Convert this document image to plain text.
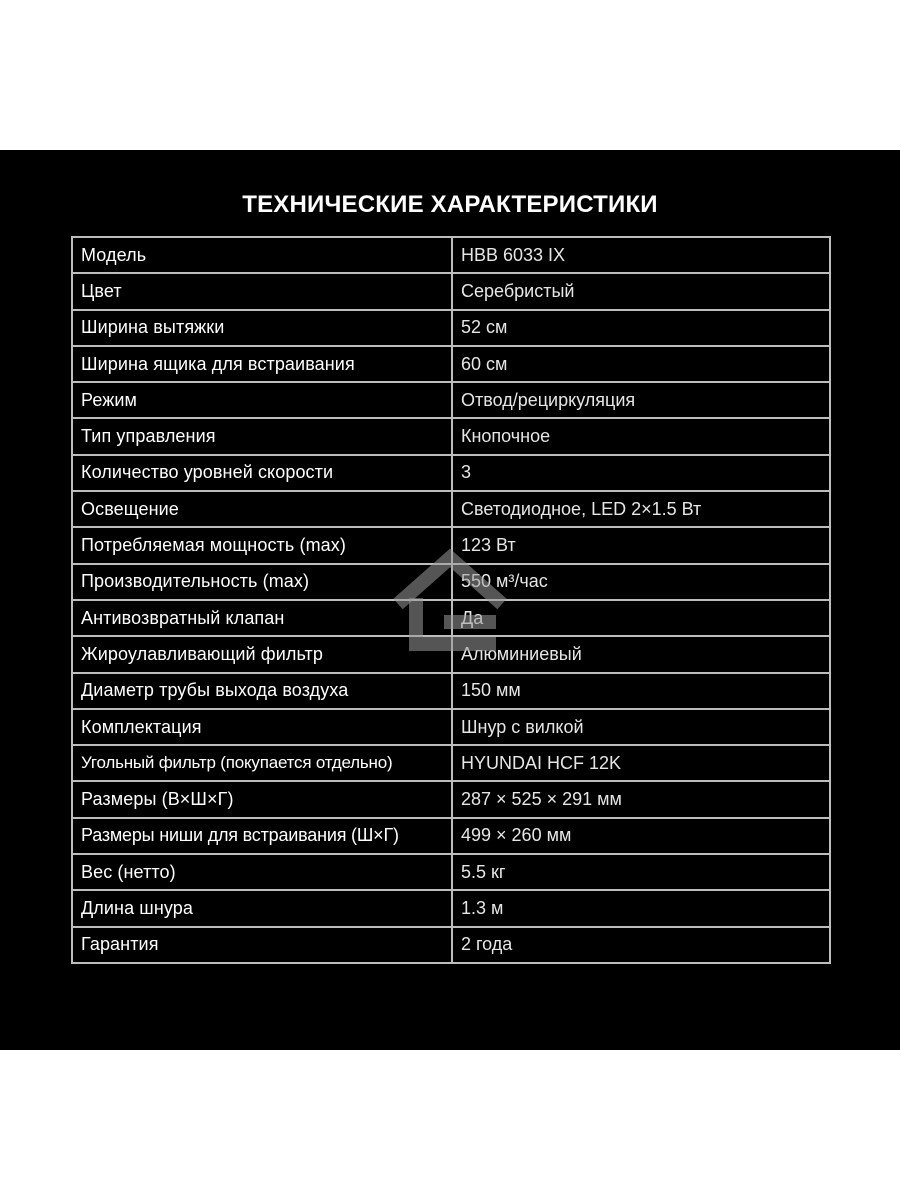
ТЕХНИЧЕСКИЕ ХАРАКТЕРИСТИКИ
Модель	HBB 6033 IX
Цвет	Серебристый
Ширина вытяжки	52 см
Ширина ящика для встраивания	60 см
Режим	Отвод/рециркуляция
Тип управления	Кнопочное
Количество уровней скорости	3
Освещение	Светодиодное, LED 2×1.5 Вт
Потребляемая мощность (max)	123 Вт
Производительность (max)	550 м³/час
Антивозвратный клапан	Да
Жироулавливающий фильтр	Алюминиевый
Диаметр трубы выхода воздуха	150 мм
Комплектация	Шнур с вилкой
Угольный фильтр (покупается отдельно)	HYUNDAI HCF 12K
Размеры (В×Ш×Г)	287 × 525 × 291 мм
Размеры ниши для встраивания (Ш×Г)	499 × 260 мм
Вес (нетто)	5.5 кг
Длина шнура	1.3 м
Гарантия	2 года
